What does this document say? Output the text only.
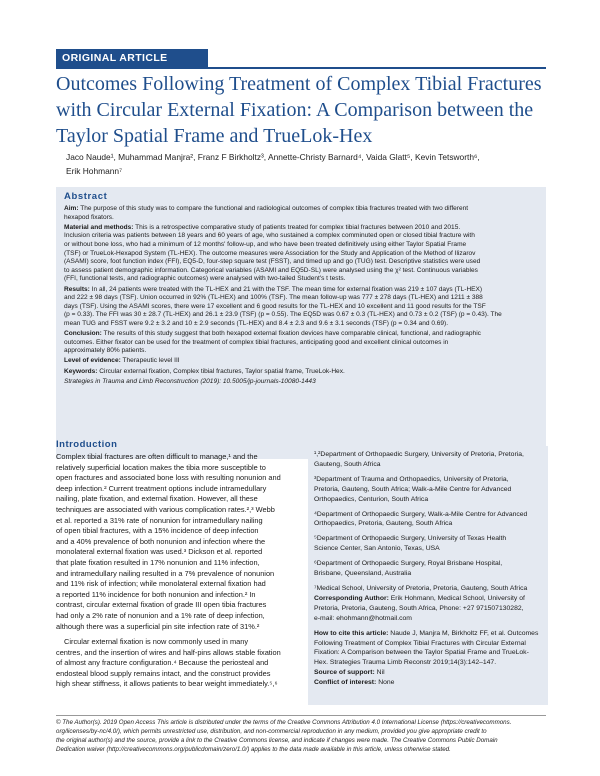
ORIGINAL ARTICLE
Outcomes Following Treatment of Complex Tibial Fractures
with Circular External Fixation: A Comparison between the
Taylor Spatial Frame and TrueLok-Hex
Jaco Naude¹, Muhammad Manjra², Franz F Birkholtz³, Annette-Christy Barnard⁴, Vaida Glatt⁵, Kevin Tetsworth⁶,
Erik Hohmann⁷
Abstract
Aim: The purpose of this study was to compare the functional and radiological outcomes of complex tibia fractures treated with two different
hexapod fixators.
Material and methods: This is a retrospective comparative study of patients treated for complex tibial fractures between 2010 and 2015.
Inclusion criteria was patients between 18 years and 60 years of age, who sustained a complex comminuted open or closed tibial fracture with
or without bone loss, who had a minimum of 12 months' follow-up, and who have been treated definitively using either Taylor Spatial Frame
(TSF) or TrueLok-Hexapod System (TL-HEX). The outcome measures were Association for the Study and Application of the Method of Ilizarov
(ASAMI) score, foot function index (FFI), EQ5-D, four-step square test (FSST), and timed up and go (TUG) test. Descriptive statistics were used
to assess patient demographic information. Categorical variables (ASAMI and EQ5D-SL) were analysed using the χ² test. Continuous variables
(FFI, functional tests, and radiographic outcomes) were analysed with two-tailed Student's t tests.
Results: In all, 24 patients were treated with the TL-HEX and 21 with the TSF. The mean time for external fixation was 219 ± 107 days (TL-HEX)
and 222 ± 98 days (TSF). Union occurred in 92% (TL-HEX) and 100% (TSF). The mean follow-up was 777 ± 278 days (TL-HEX) and 1211 ± 388
days (TSF). Using the ASAMI scores, there were 17 excellent and 6 good results for the TL-HEX and 10 excellent and 11 good results for the TSF
(p = 0.33). The FFI was 30 ± 28.7 (TL-HEX) and 26.1 ± 23.9 (TSF) (p = 0.55). The EQ5D was 0.67 ± 0.3 (TL-HEX) and 0.73 ± 0.2 (TSF) (p = 0.43). The
mean TUG and FSST were 9.2 ± 3.2 and 10 ± 2.9 seconds (TL-HEX) and 8.4 ± 2.3 and 9.6 ± 3.1 seconds (TSF) (p = 0.34 and 0.69).
Conclusion: The results of this study suggest that both hexapod external fixation devices have comparable clinical, functional, and radiographic
outcomes. Either fixator can be used for the treatment of complex tibial fractures, anticipating good and excellent clinical outcomes in
approximately 80% patients.
Level of evidence: Therapeutic level III
Keywords: Circular external fixation, Complex tibial fractures, Taylor spatial frame, TrueLok-Hex.
Strategies in Trauma and Limb Reconstruction (2019): 10.5005/jp-journals-10080-1443
Introduction
Complex tibial fractures are often difficult to manage,¹ and the
relatively superficial location makes the tibia more susceptible to
open fractures and associated bone loss with resulting nonunion and
deep infection.² Current treatment options include intramedullary
nailing, plate fixation, and external fixation. However, all these
techniques are associated with various complication rates.²,³ Webb
et al. reported a 31% rate of nonunion for intramedullary nailing
of open tibial fractures, with a 15% incidence of deep infection
and a 40% prevalence of both nonunion and infection where the
monolateral external fixation was used.³ Dickson et al. reported
that plate fixation resulted in 17% nonunion and 11% infection,
and intramedullary nailing resulted in a 7% prevalence of nonunion
and 11% risk of infection; while monolateral external fixation had
a reported 11% incidence for both nonunion and infection.² In
contrast, circular external fixation of grade III open tibia fractures
had only a 2% rate of nonunion and a 1% rate of deep infection,
although there was a superficial pin site infection rate of 31%.²
Circular external fixation is now commonly used in many
centres, and the insertion of wires and half-pins allows stable fixation
of almost any fracture configuration.⁴ Because the periosteal and
endosteal blood supply remains intact, and the construct provides
high shear stiffness, it allows patients to bear weight immediately.⁵,⁶
¹,²Department of Orthopaedic Surgery, University of Pretoria, Pretoria,
Gauteng, South Africa
³Department of Trauma and Orthopaedics, University of Pretoria,
Pretoria, Gauteng, South Africa; Walk-a-Mile Centre for Advanced
Orthopaedics, Centurion, South Africa
⁴Department of Orthopaedic Surgery, Walk-a-Mile Centre for Advanced
Orthopaedics, Pretoria, Gauteng, South Africa
⁵Department of Orthopaedic Surgery, University of Texas Health
Science Center, San Antonio, Texas, USA
⁶Department of Orthopaedic Surgery, Royal Brisbane Hospital,
Brisbane, Queensland, Australia
⁷Medical School, University of Pretoria, Pretoria, Gauteng, South Africa
Corresponding Author: Erik Hohmann, Medical School, University of
Pretoria, Pretoria, Gauteng, South Africa, Phone: +27 971507130282,
e-mail: ehohmann@hotmail.com
How to cite this article: Naude J, Manjra M, Birkholtz FF, et al. Outcomes
Following Treatment of Complex Tibial Fractures with Circular External
Fixation: A Comparison between the Taylor Spatial Frame and TrueLok-
Hex. Strategies Trauma Limb Reconstr 2019;14(3):142–147.
Source of support: Nil
Conflict of interest: None
© The Author(s). 2019 Open Access This article is distributed under the terms of the Creative Commons Attribution 4.0 International License (https://creativecommons.
org/licenses/by-nc/4.0/), which permits unrestricted use, distribution, and non-commercial reproduction in any medium, provided you give appropriate credit to
the original author(s) and the source, provide a link to the Creative Commons license, and indicate if changes were made. The Creative Commons Public Domain
Dedication waiver (http://creativecommons.org/publicdomain/zero/1.0/) applies to the data made available in this article, unless otherwise stated.
